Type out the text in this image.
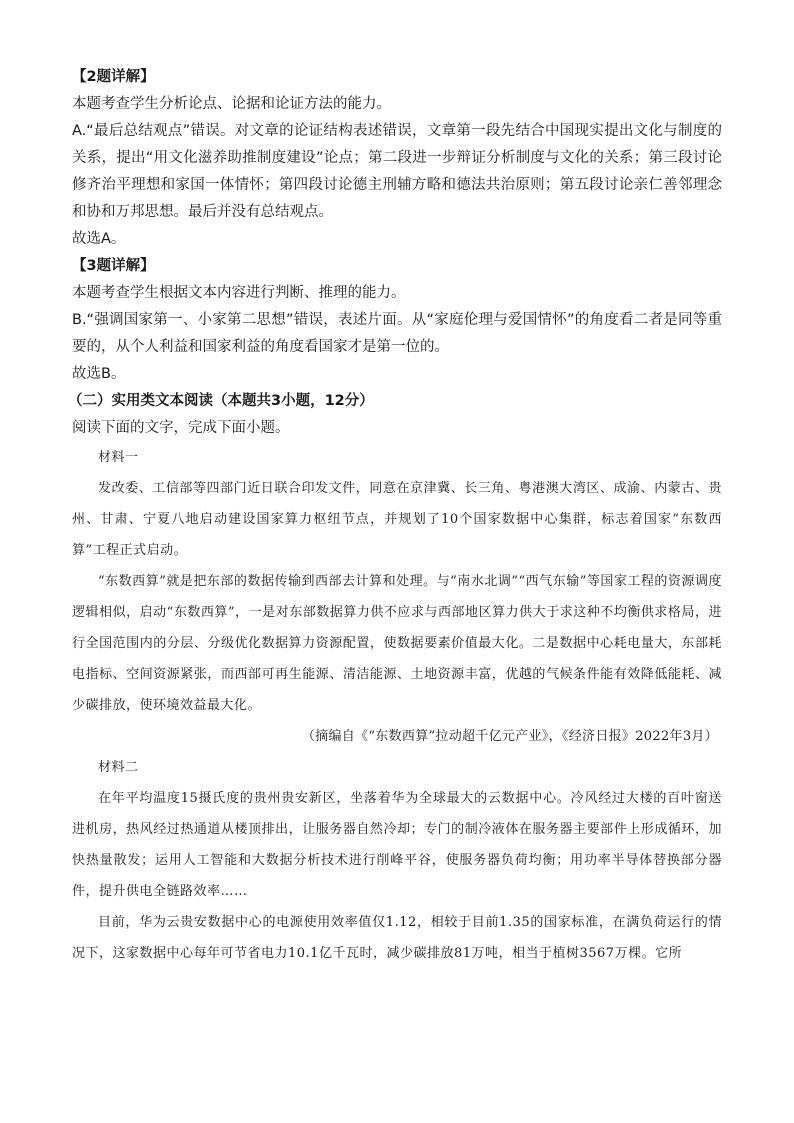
【2题详解】

本题考查学生分析论点、论据和论证方法的能力。

A.“最后总结观点”错误。对文章的论证结构表述错误，文章第一段先结合中国现实提出文化与制度的关系，提出“用文化滋养助推制度建设”论点；第二段进一步辩证分析制度与文化的关系；第三段讨论修齐治平理想和家国一体情怀；第四段讨论德主刑辅方略和德法共治原则；第五段讨论亲仁善邻理念和协和万邦思想。最后并没有总结观点。

故选A。

【3题详解】

本题考查学生根据文本内容进行判断、推理的能力。

B.“强调国家第一、小家第二思想”错误，表述片面。从“家庭伦理与爱国情怀”的角度看二者是同等重要的，从个人利益和国家利益的角度看国家才是第一位的。

故选B。

（二）实用类文本阅读（本题共3小题，12分）

阅读下面的文字，完成下面小题。

材料一

发改委、工信部等四部门近日联合印发文件，同意在京津冀、长三角、粤港澳大湾区、成渝、内蒙古、贵州、甘肃、宁夏八地启动建设国家算力枢纽节点，并规划了10个国家数据中心集群，标志着国家“东数西算”工程正式启动。

“东数西算”就是把东部的数据传输到西部去计算和处理。与“南水北调”“西气东输”等国家工程的资源调度逻辑相似，启动“东数西算”，一是对东部数据算力供不应求与西部地区算力供大于求这种不均衡供求格局，进行全国范围内的分层、分级优化数据算力资源配置，使数据要素价值最大化。二是数据中心耗电量大，东部耗电指标、空间资源紧张，而西部可再生能源、清洁能源、土地资源丰富，优越的气候条件能有效降低能耗、减少碳排放，使环境效益最大化。

（摘编自《“东数西算”拉动超千亿元产业》，《经济日报》2022年3月）

材料二

在年平均温度15摄氏度的贵州贵安新区，坐落着华为全球最大的云数据中心。冷风经过大楼的百叶窗送进机房，热风经过热通道从楼顶排出，让服务器自然冷却；专门的制冷液体在服务器主要部件上形成循环，加快热量散发；运用人工智能和大数据分析技术进行削峰平谷，使服务器负荷均衡；用功率半导体替换部分器件，提升供电全链路效率……

目前，华为云贵安数据中心的电源使用效率值仅1.12，相较于目前1.35的国家标准，在满负荷运行的情况下，这家数据中心每年可节省电力10.1亿千瓦时，减少碳排放81万吨，相当于植树3567万棵。它所
